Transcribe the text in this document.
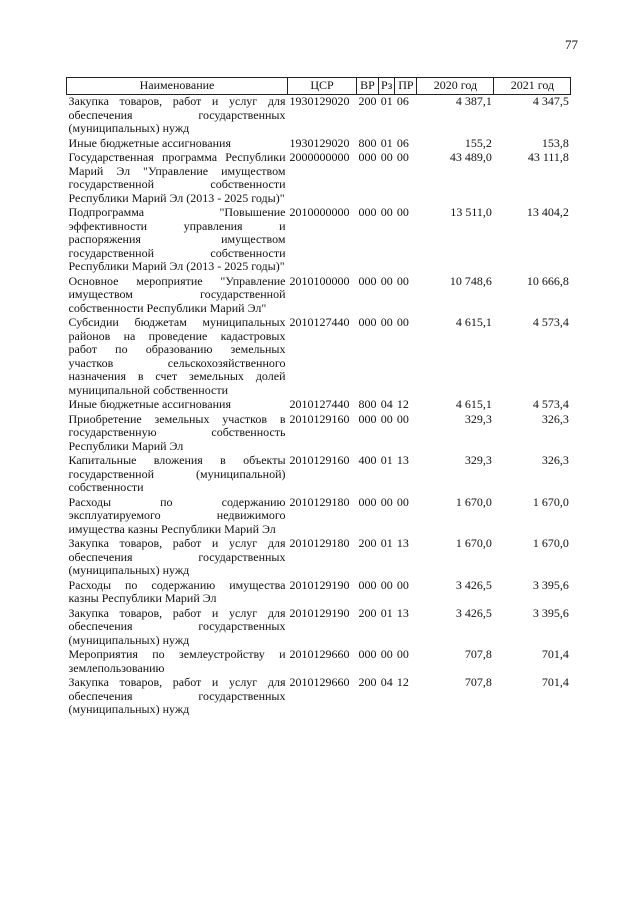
77
Наименование	ЦСР	ВР	Рз	ПР	2020 год	2021 год
Закупка товаров, работ и услуг для обеспечения государственных (муниципальных) нужд	1930129020	200	01	06	4 387,1	4 347,5
Иные бюджетные ассигнования	1930129020	800	01	06	155,2	153,8
Государственная программа Республики Марий Эл "Управление имуществом государственной собственности Республики Марий Эл (2013 - 2025 годы)"	2000000000	000	00	00	43 489,0	43 111,8
Подпрограмма "Повышение эффективности управления и распоряжения имуществом государственной собственности Республики Марий Эл (2013 - 2025 годы)"	2010000000	000	00	00	13 511,0	13 404,2
Основное мероприятие "Управление имуществом государственной собственности Республики Марий Эл"	2010100000	000	00	00	10 748,6	10 666,8
Субсидии бюджетам муниципальных районов на проведение кадастровых работ по образованию земельных участков сельскохозяйственного назначения в счет земельных долей муниципальной собственности	2010127440	000	00	00	4 615,1	4 573,4
Иные бюджетные ассигнования	2010127440	800	04	12	4 615,1	4 573,4
Приобретение земельных участков в государственную собственность Республики Марий Эл	2010129160	000	00	00	329,3	326,3
Капитальные вложения в объекты государственной (муниципальной) собственности	2010129160	400	01	13	329,3	326,3
Расходы по содержанию эксплуатируемого недвижимого имущества казны Республики Марий Эл	2010129180	000	00	00	1 670,0	1 670,0
Закупка товаров, работ и услуг для обеспечения государственных (муниципальных) нужд	2010129180	200	01	13	1 670,0	1 670,0
Расходы по содержанию имущества казны Республики Марий Эл	2010129190	000	00	00	3 426,5	3 395,6
Закупка товаров, работ и услуг для обеспечения государственных (муниципальных) нужд	2010129190	200	01	13	3 426,5	3 395,6
Мероприятия по землеустройству и землепользованию	2010129660	000	00	00	707,8	701,4
Закупка товаров, работ и услуг для обеспечения государственных (муниципальных) нужд	2010129660	200	04	12	707,8	701,4
